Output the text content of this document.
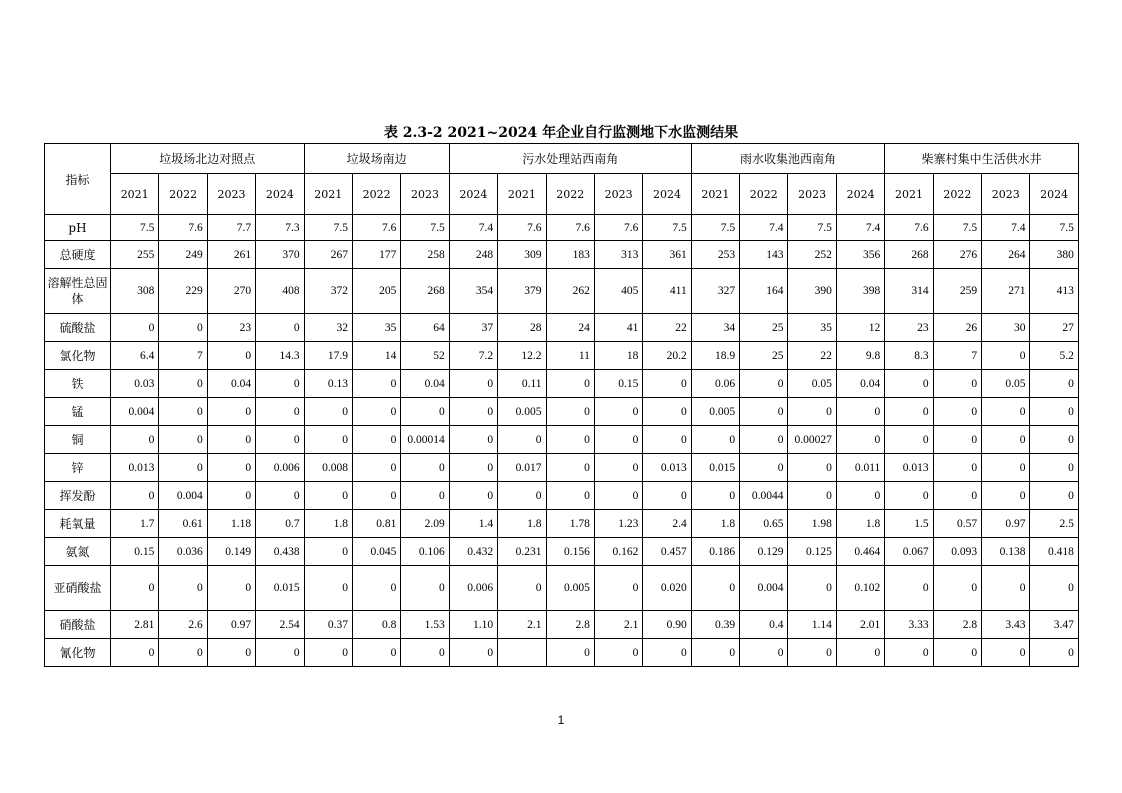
表 2.3-2 2021~2024 年企业自行监测地下水监测结果
指标	垃圾场北边对照点				垃圾场南边			污水处理站西南角					雨水收集池西南角				柴寨村集中生活供水井			
	2021	2022	2023	2024	2021	2022	2023	2024	2021	2022	2023	2024	2021	2022	2023	2024	2021	2022	2023	2024
pH	7.5	7.6	7.7	7.3	7.5	7.6	7.5	7.4	7.6	7.6	7.6	7.5	7.5	7.4	7.5	7.4	7.6	7.5	7.4	7.5
总硬度	255	249	261	370	267	177	258	248	309	183	313	361	253	143	252	356	268	276	264	380
溶解性总固体	308	229	270	408	372	205	268	354	379	262	405	411	327	164	390	398	314	259	271	413
硫酸盐	0	0	23	0	32	35	64	37	28	24	41	22	34	25	35	12	23	26	30	27
氯化物	6.4	7	0	14.3	17.9	14	52	7.2	12.2	11	18	20.2	18.9	25	22	9.8	8.3	7	0	5.2
铁	0.03	0	0.04	0	0.13	0	0.04	0	0.11	0	0.15	0	0.06	0	0.05	0.04	0	0	0.05	0
锰	0.004	0	0	0	0	0	0	0	0.005	0	0	0	0.005	0	0	0	0	0	0	0
铜	0	0	0	0	0	0	0.00014	0	0	0	0	0	0	0	0.00027	0	0	0	0	0
锌	0.013	0	0	0.006	0.008	0	0	0	0.017	0	0	0.013	0.015	0	0	0.011	0.013	0	0	0
挥发酚	0	0.004	0	0	0	0	0	0	0	0	0	0	0	0.0044	0	0	0	0	0	0
耗氧量	1.7	0.61	1.18	0.7	1.8	0.81	2.09	1.4	1.8	1.78	1.23	2.4	1.8	0.65	1.98	1.8	1.5	0.57	0.97	2.5
氨氮	0.15	0.036	0.149	0.438	0	0.045	0.106	0.432	0.231	0.156	0.162	0.457	0.186	0.129	0.125	0.464	0.067	0.093	0.138	0.418
亚硝酸盐	0	0	0	0.015	0	0	0	0.006	0	0.005	0	0.020	0	0.004	0	0.102	0	0	0	0
硝酸盐	2.81	2.6	0.97	2.54	0.37	0.8	1.53	1.10	2.1	2.8	2.1	0.90	0.39	0.4	1.14	2.01	3.33	2.8	3.43	3.47
氰化物	0	0	0	0	0	0	0	0		0	0	0	0	0	0	0	0	0	0	0
1
